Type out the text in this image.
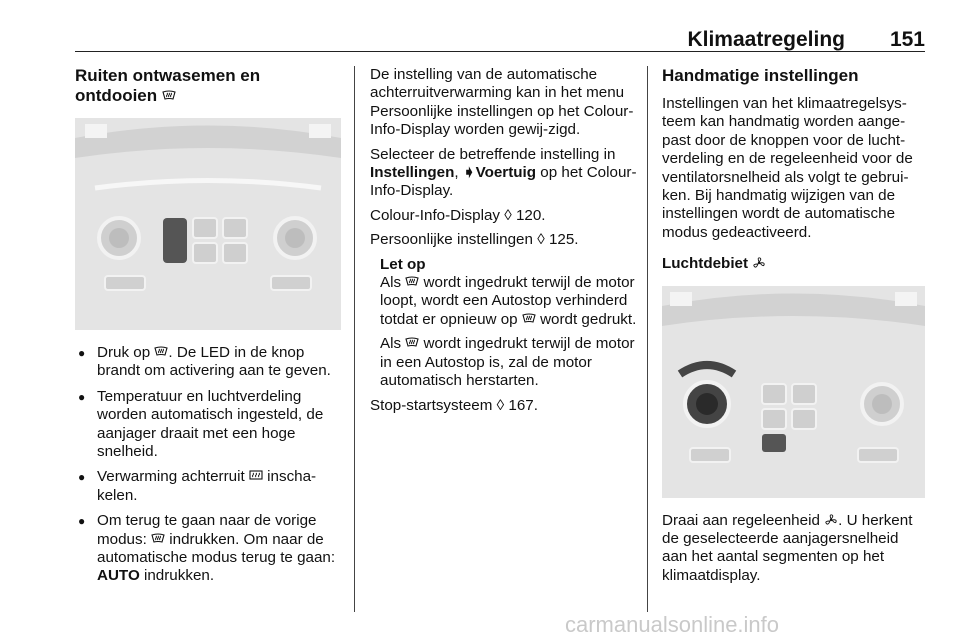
Klimaatregeling 151
Ruiten ontwasemen en
ontdooien
● Druk op . De LED in de knop brandt om activering aan te geven.
● Temperatuur en luchtverdeling worden automatisch ingesteld, de aanjager draait met een hoge snelheid.
● Verwarming achterruit  inscha-kelen.
● Om terug te gaan naar de vorige modus:  indrukken. Om naar de automatische modus terug te gaan: AUTO indrukken.

De instelling van de automatische achterruitverwarming kan in het menu Persoonlijke instellingen op het Colour-Info-Display worden gewij-zigd.

Selecteer de betreffende instelling in Instellingen, ➧Voertuig op het Colour-Info-Display.

Colour-Info-Display ◊ 120.

Persoonlijke instellingen ◊ 125.

Let op

Als  wordt ingedrukt terwijl de motor loopt, wordt een Autostop verhinderd totdat er opnieuw op  wordt gedrukt.

Als  wordt ingedrukt terwijl de motor in een Autostop is, zal de motor automatisch herstarten.

Stop-startsysteem ◊ 167.

Handmatige instellingen

Instellingen van het klimaatregelsys-teem kan handmatig worden aange-past door de knoppen voor de lucht-verdeling en de regeleenheid voor de ventilatorsnelheid als volgt te gebrui-ken. Bij handmatig wijzigen van de instellingen wordt de automatische modus gedeactiveerd.

Luchtdebiet

Draai aan regeleenheid . U herkent de geselecteerde aanjagersnelheid aan het aantal segmenten op het klimaatdisplay.

carmanualsonline.info
